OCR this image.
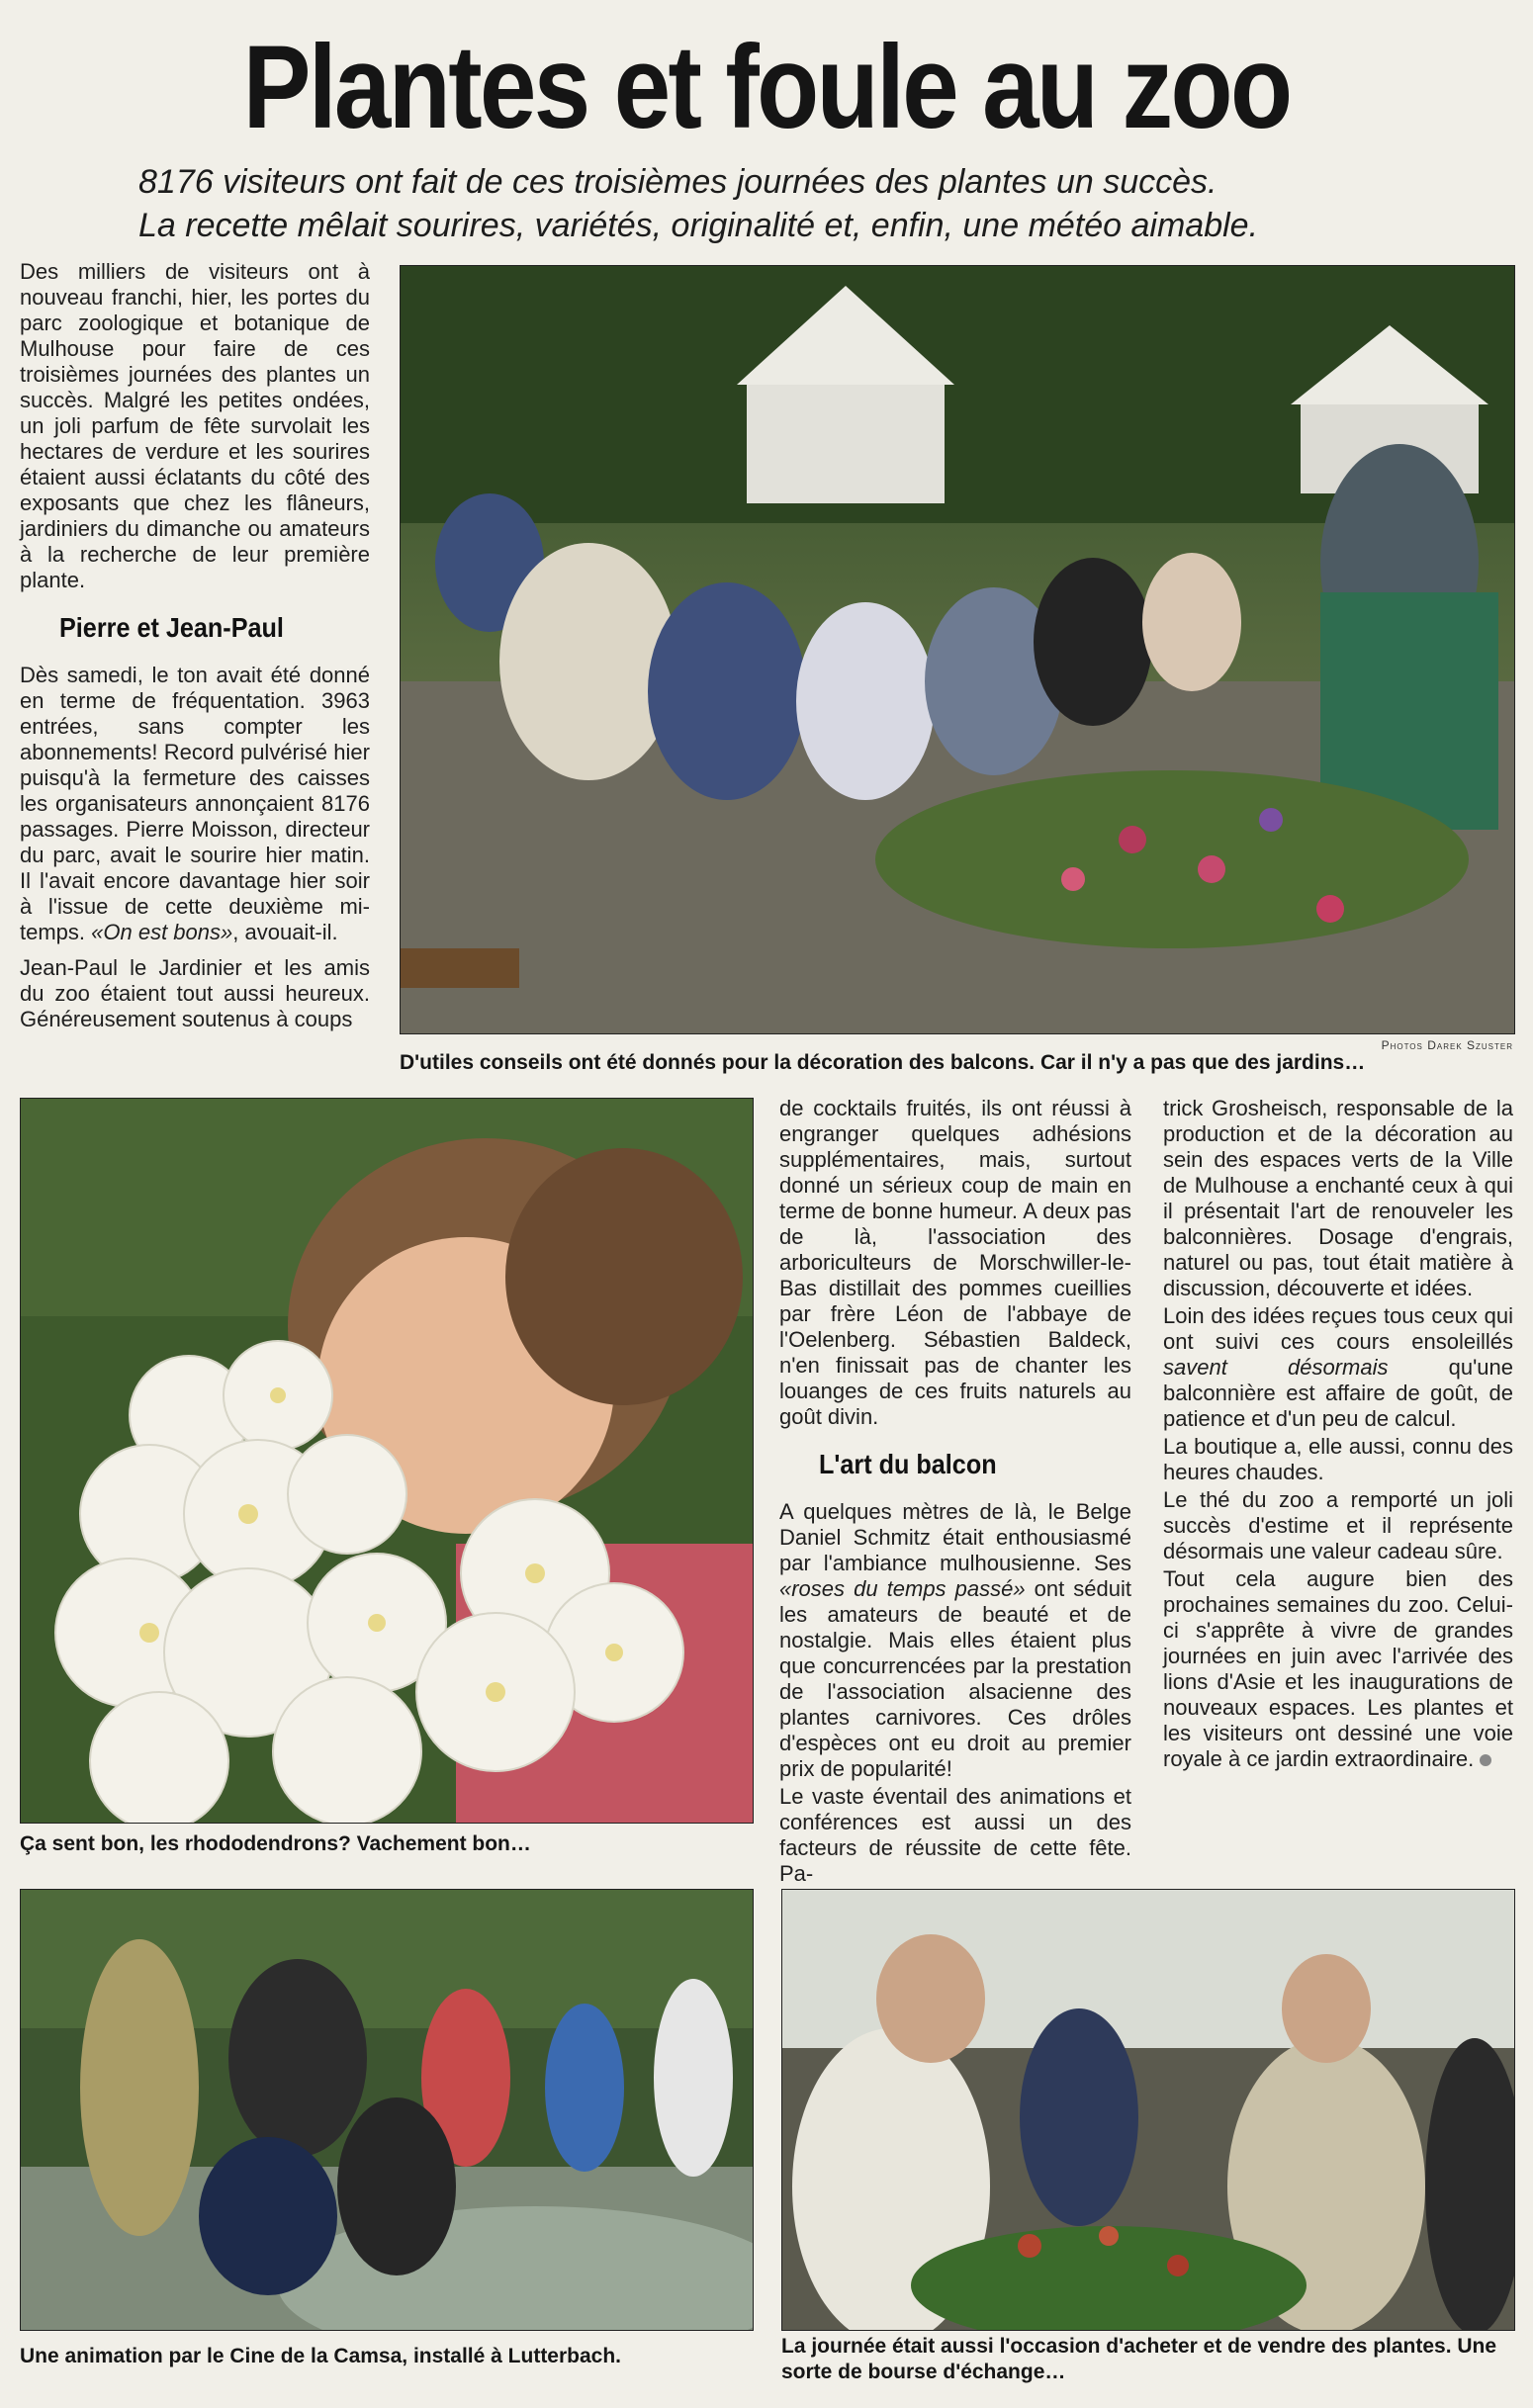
Plantes et foule au zoo
8176 visiteurs ont fait de ces troisièmes journées des plantes un succès.
La recette mêlait sourires, variétés, originalité et, enfin, une météo aimable.

Des milliers de visiteurs ont à nouveau franchi, hier, les portes du parc zoologique et botanique de Mulhouse pour faire de ces troisièmes journées des plantes un succès. Malgré les petites ondées, un joli parfum de fête survolait les hectares de verdure et les sourires étaient aussi éclatants du côté des exposants que chez les flâneurs, jardiniers du dimanche ou amateurs à la recherche de leur première plante.

Pierre et Jean-Paul

Dès samedi, le ton avait été donné en terme de fréquentation. 3963 entrées, sans compter les abonnements! Record pulvérisé hier puisqu'à la fermeture des caisses les organisateurs annonçaient 8176 passages. Pierre Moisson, directeur du parc, avait le sourire hier matin. Il l'avait encore davantage hier soir à l'issue de cette deuxième mi-temps. «On est bons», avouait-il.

Jean-Paul le Jardinier et les amis du zoo étaient tout aussi heureux. Généreusement soutenus à coups

Photos Darek Szuster
D'utiles conseils ont été donnés pour la décoration des balcons. Car il n'y a pas que des jardins…
Ça sent bon, les rhododendrons? Vachement bon…

de cocktails fruités, ils ont réussi à engranger quelques adhésions supplémentaires, mais, surtout donné un sérieux coup de main en terme de bonne humeur. A deux pas de là, l'association des arboriculteurs de Morschwiller-le-Bas distillait des pommes cueillies par frère Léon de l'abbaye de l'Oelenberg. Sébastien Baldeck, n'en finissait pas de chanter les louanges de ces fruits naturels au goût divin.

L'art du balcon

A quelques mètres de là, le Belge Daniel Schmitz était enthousiasmé par l'ambiance mulhousienne. Ses «roses du temps passé» ont séduit les amateurs de beauté et de nostalgie. Mais elles étaient plus que concurrencées par la prestation de l'association alsacienne des plantes carnivores. Ces drôles d'espèces ont eu droit au premier prix de popularité!

Le vaste éventail des animations et conférences est aussi un des facteurs de réussite de cette fête. Pa-

trick Grosheisch, responsable de la production et de la décoration au sein des espaces verts de la Ville de Mulhouse a enchanté ceux à qui il présentait l'art de renouveler les balconnières. Dosage d'engrais, naturel ou pas, tout était matière à discussion, découverte et idées.

Loin des idées reçues tous ceux qui ont suivi ces cours ensoleillés savent désormais qu'une balconnière est affaire de goût, de patience et d'un peu de calcul.

La boutique a, elle aussi, connu des heures chaudes.

Le thé du zoo a remporté un joli succès d'estime et il représente désormais une valeur cadeau sûre.

Tout cela augure bien des prochaines semaines du zoo. Celui-ci s'apprête à vivre de grandes journées en juin avec l'arrivée des lions d'Asie et les inaugurations de nouveaux espaces. Les plantes et les visiteurs ont dessiné une voie royale à ce jardin extraordinaire.

Une animation par le Cine de la Camsa, installé à Lutterbach.	La journée était aussi l'occasion d'acheter et de vendre des plantes. Une
sorte de bourse d'échange…
